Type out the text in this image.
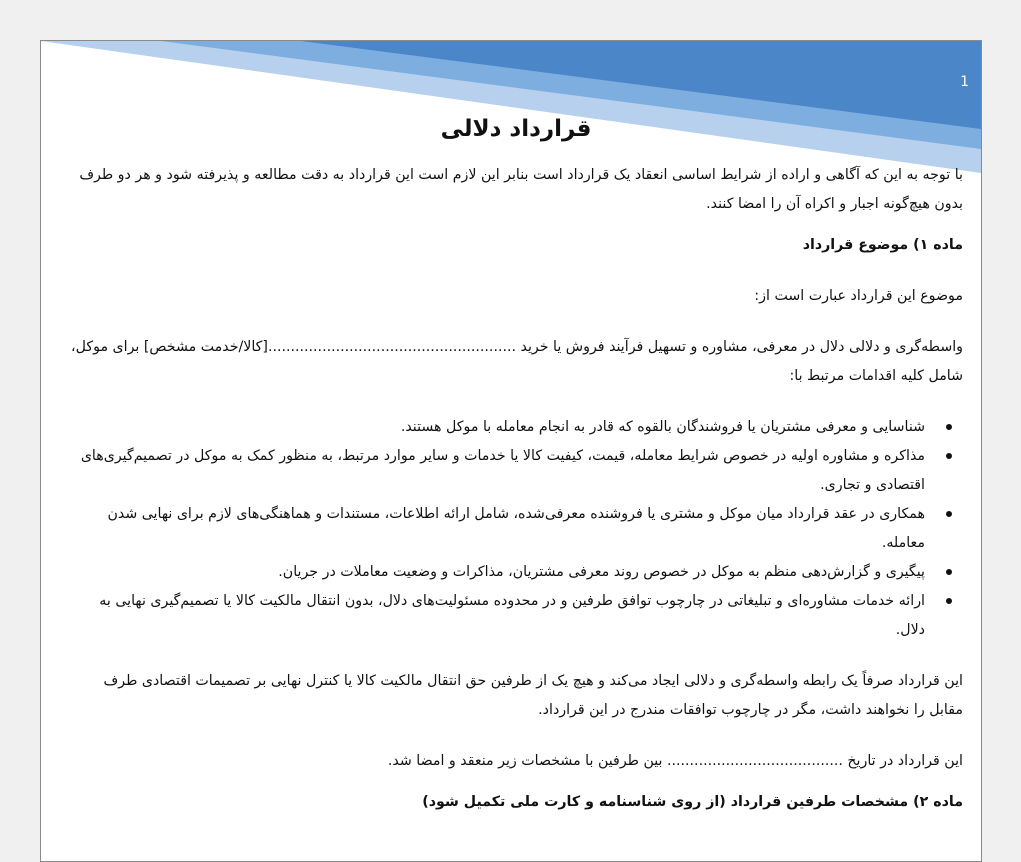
1
قرارداد دلالی

با توجه به این که آگاهی و اراده از شرایط اساسی انعقاد یک قرارداد است بنابر این لازم است این قرارداد به دقت مطالعه و پذیرفته شود و هر دو طرف بدون هیچ‌گونه اجبار و اکراه آن را امضا کنند.

ماده ۱) موضوع قرارداد

موضوع این قرارداد عبارت است از:

واسطه‌گری و دلالی دلال در معرفی، مشاوره و تسهیل فرآیند فروش یا خرید .......................................................[کالا/خدمت مشخص] برای موکل، شامل کلیه اقدامات مرتبط با:

شناسایی و معرفی مشتریان یا فروشندگان بالقوه که قادر به انجام معامله با موکل هستند.
مذاکره و مشاوره اولیه در خصوص شرایط معامله، قیمت، کیفیت کالا یا خدمات و سایر موارد مرتبط، به منظور کمک به موکل در تصمیم‌گیری‌های اقتصادی و تجاری.
همکاری در عقد قرارداد میان موکل و مشتری یا فروشنده معرفی‌شده، شامل ارائه اطلاعات، مستندات و هماهنگی‌های لازم برای نهایی شدن معامله.
پیگیری و گزارش‌دهی منظم به موکل در خصوص روند معرفی مشتریان، مذاکرات و وضعیت معاملات در جریان.
ارائه خدمات مشاوره‌ای و تبلیغاتی در چارچوب توافق طرفین و در محدوده مسئولیت‌های دلال، بدون انتقال مالکیت کالا یا تصمیم‌گیری نهایی به دلال.

این قرارداد صرفاً یک رابطه واسطه‌گری و دلالی ایجاد می‌کند و هیچ یک از طرفین حق انتقال مالکیت کالا یا کنترل نهایی بر تصمیمات اقتصادی طرف مقابل را نخواهند داشت، مگر در چارچوب توافقات مندرج در این قرارداد.

این قرارداد در تاریخ ....................................... بین طرفین با مشخصات زیر منعقد و امضا شد.

ماده ۲) مشخصات طرفین قرارداد (از روی شناسنامه و کارت ملی تکمیل شود)
